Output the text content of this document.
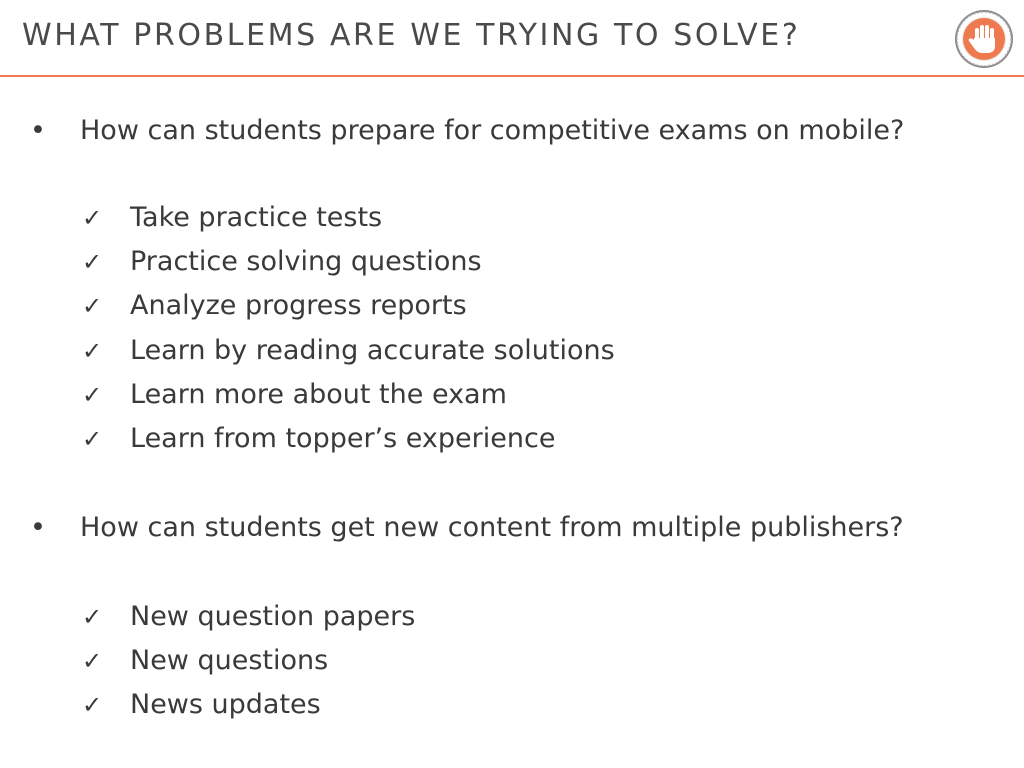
WHAT PROBLEMS ARE WE TRYING TO SOLVE?
• How can students prepare for competitive exams on mobile?
✓ Take practice tests
✓ Practice solving questions
✓ Analyze progress reports
✓ Learn by reading accurate solutions
✓ Learn more about the exam
✓ Learn from topper’s experience
• How can students get new content from multiple publishers?
✓ New question papers
✓ New questions
✓ News updates
